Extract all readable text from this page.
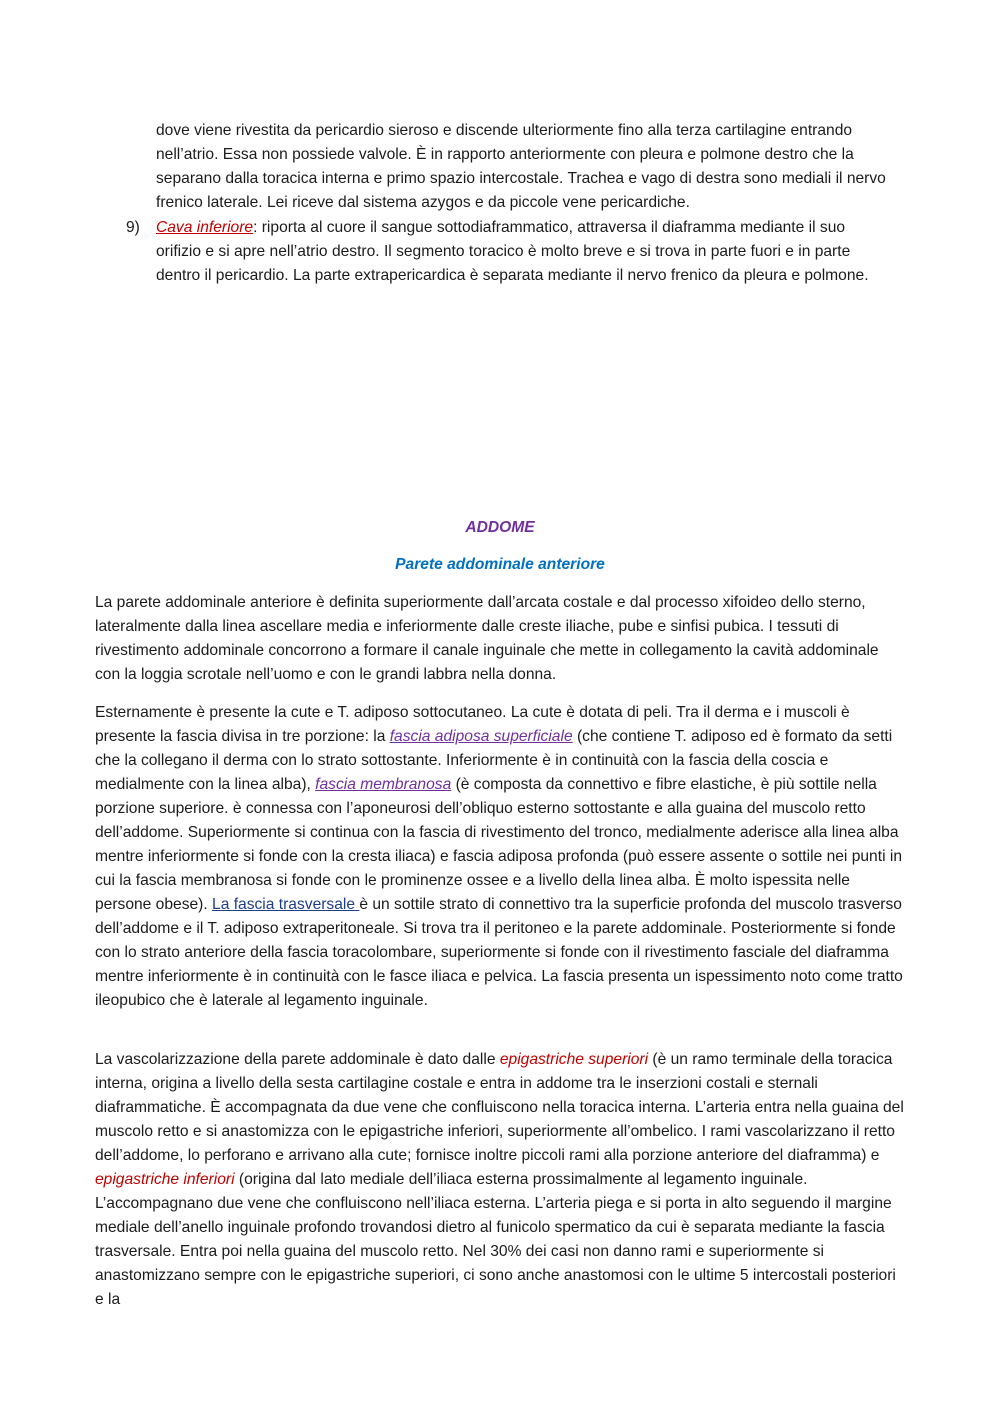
dove viene rivestita da pericardio sieroso e discende ulteriormente fino alla terza cartilagine entrando nell’atrio. Essa non possiede valvole. È in rapporto anteriormente con pleura e polmone destro che la separano dalla toracica interna e primo spazio intercostale. Trachea e vago di destra sono mediali il nervo frenico laterale. Lei riceve dal sistema azygos e da piccole vene pericardiche.

9) Cava inferiore: riporta al cuore il sangue sottodiaframmatico, attraversa il diaframma mediante il suo orifizio e si apre nell’atrio destro. Il segmento toracico è molto breve e si trova in parte fuori e in parte dentro il pericardio. La parte extrapericardica è separata mediante il nervo frenico da pleura e polmone.

ADDOME
Parete addominale anteriore

La parete addominale anteriore è definita superiormente dall’arcata costale e dal processo xifoideo dello sterno, lateralmente dalla linea ascellare media e inferiormente dalle creste iliache, pube e sinfisi pubica. I tessuti di rivestimento addominale concorrono a formare il canale inguinale che mette in collegamento la cavità addominale con la loggia scrotale nell’uomo e con le grandi labbra nella donna.

Esternamente è presente la cute e T. adiposo sottocutaneo. La cute è dotata di peli. Tra il derma e i muscoli è presente la fascia divisa in tre porzione: la fascia adiposa superficiale (che contiene T. adiposo ed è formato da setti che la collegano il derma con lo strato sottostante. Inferiormente è in continuità con la fascia della coscia e medialmente con la linea alba), fascia membranosa (è composta da connettivo e fibre elastiche, è più sottile nella porzione superiore. è connessa con l’aponeurosi dell’obliquo esterno sottostante e alla guaina del muscolo retto dell’addome. Superiormente si continua con la fascia di rivestimento del tronco, medialmente aderisce alla linea alba mentre inferiormente si fonde con la cresta iliaca) e fascia adiposa profonda (può essere assente o sottile nei punti in cui la fascia membranosa si fonde con le prominenze ossee e a livello della linea alba. È molto ispessita nelle persone obese). La fascia trasversale è un sottile strato di connettivo tra la superficie profonda del muscolo trasverso dell’addome e il T. adiposo extraperitoneale. Si trova tra il peritoneo e la parete addominale. Posteriormente si fonde con lo strato anteriore della fascia toracolombare, superiormente si fonde con il rivestimento fasciale del diaframma mentre inferiormente è in continuità con le fasce iliaca e pelvica. La fascia presenta un ispessimento noto come tratto ileopubico che è laterale al legamento inguinale.

La vascolarizzazione della parete addominale è dato dalle epigastriche superiori (è un ramo terminale della toracica interna, origina a livello della sesta cartilagine costale e entra in addome tra le inserzioni costali e sternali diaframmatiche. È accompagnata da due vene che confluiscono nella toracica interna. L’arteria entra nella guaina del muscolo retto e si anastomizza con le epigastriche inferiori, superiormente all’ombelico. I rami vascolarizzano il retto dell’addome, lo perforano e arrivano alla cute; fornisce inoltre piccoli rami alla porzione anteriore del diaframma) e epigastriche inferiori (origina dal lato mediale dell’iliaca esterna prossimalmente al legamento inguinale. L’accompagnano due vene che confluiscono nell’iliaca esterna. L’arteria piega e si porta in alto seguendo il margine mediale dell’anello inguinale profondo trovandosi dietro al funicolo spermatico da cui è separata mediante la fascia trasversale. Entra poi nella guaina del muscolo retto. Nel 30% dei casi non danno rami e superiormente si anastomizzano sempre con le epigastriche superiori, ci sono anche anastomosi con le ultime 5 intercostali posteriori e la
